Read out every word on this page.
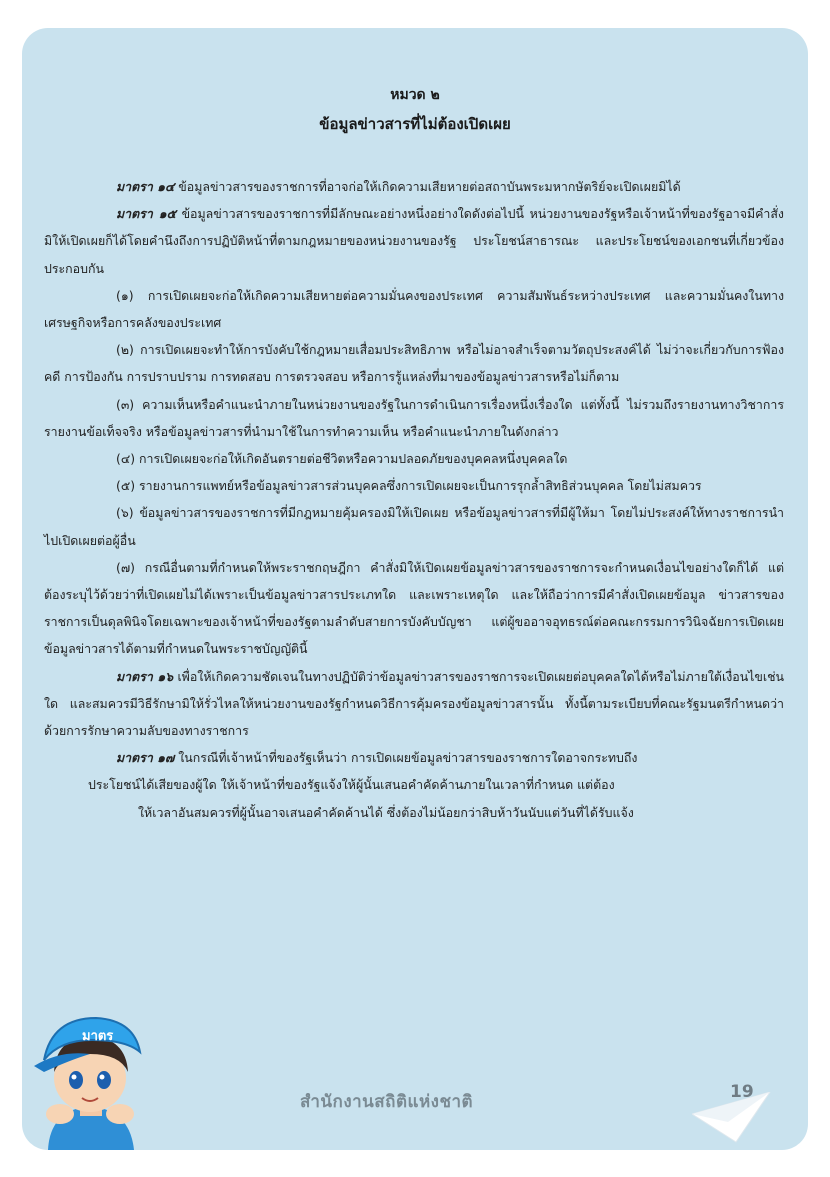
หมวด ๒
ข้อมูลข่าวสารที่ไม่ต้องเปิดเผย

มาตรา ๑๔ ข้อมูลข่าวสารของราชการที่อาจก่อให้เกิดความเสียหายต่อสถาบันพระมหากษัตริย์จะเปิดเผยมิได้

มาตรา ๑๕ ข้อมูลข่าวสารของราชการที่มีลักษณะอย่างหนึ่งอย่างใดดังต่อไปนี้ หน่วยงานของรัฐหรือเจ้าหน้าที่ของรัฐอาจมีคำสั่งมิให้เปิดเผยก็ได้โดยคำนึงถึงการปฏิบัติหน้าที่ตามกฎหมายของหน่วยงานของรัฐ ประโยชน์สาธารณะ และประโยชน์ของเอกชนที่เกี่ยวข้องประกอบกัน

(๑) การเปิดเผยจะก่อให้เกิดความเสียหายต่อความมั่นคงของประเทศ ความสัมพันธ์ระหว่างประเทศ และความมั่นคงในทางเศรษฐกิจหรือการคลังของประเทศ

(๒) การเปิดเผยจะทำให้การบังคับใช้กฎหมายเสื่อมประสิทธิภาพ หรือไม่อาจสำเร็จตามวัตถุประสงค์ได้ ไม่ว่าจะเกี่ยวกับการฟ้องคดี การป้องกัน การปราบปราม การทดสอบ การตรวจสอบ หรือการรู้แหล่งที่มาของข้อมูลข่าวสารหรือไม่ก็ตาม

(๓) ความเห็นหรือคำแนะนำภายในหน่วยงานของรัฐในการดำเนินการเรื่องหนึ่งเรื่องใด แต่ทั้งนี้ ไม่รวมถึงรายงานทางวิชาการ รายงานข้อเท็จจริง หรือข้อมูลข่าวสารที่นำมาใช้ในการทำความเห็น หรือคำแนะนำภายในดังกล่าว

(๔) การเปิดเผยจะก่อให้เกิดอันตรายต่อชีวิตหรือความปลอดภัยของบุคคลหนึ่งบุคคลใด

(๕) รายงานการแพทย์หรือข้อมูลข่าวสารส่วนบุคคลซึ่งการเปิดเผยจะเป็นการรุกล้ำสิทธิส่วนบุคคล โดยไม่สมควร

(๖) ข้อมูลข่าวสารของราชการที่มีกฎหมายคุ้มครองมิให้เปิดเผย หรือข้อมูลข่าวสารที่มีผู้ให้มา โดยไม่ประสงค์ให้ทางราชการนำไปเปิดเผยต่อผู้อื่น

(๗) กรณีอื่นตามที่กำหนดให้พระราชกฤษฎีกา คำสั่งมิให้เปิดเผยข้อมูลข่าวสารของราชการจะกำหนดเงื่อนไขอย่างใดก็ได้ แต่ต้องระบุไว้ด้วยว่าที่เปิดเผยไม่ได้เพราะเป็นข้อมูลข่าวสารประเภทใด และเพราะเหตุใด และให้ถือว่าการมีคำสั่งเปิดเผยข้อมูล ข่าวสารของราชการเป็นดุลพินิจโดยเฉพาะของเจ้าหน้าที่ของรัฐตามลำดับสายการบังคับบัญชา แต่ผู้ขออาจอุทธรณ์ต่อคณะกรรมการวินิจฉัยการเปิดเผยข้อมูลข่าวสารได้ตามที่กำหนดในพระราชบัญญัตินี้

มาตรา ๑๖ เพื่อให้เกิดความชัดเจนในทางปฏิบัติว่าข้อมูลข่าวสารของราชการจะเปิดเผยต่อบุคคลใดได้หรือไม่ภายใต้เงื่อนไขเช่นใด และสมควรมีวิธีรักษามิให้รั่วไหลให้หน่วยงานของรัฐกำหนดวิธีการคุ้มครองข้อมูลข่าวสารนั้น ทั้งนี้ตามระเบียบที่คณะรัฐมนตรีกำหนดว่าด้วยการรักษาความลับของทางราชการ

มาตรา ๑๗ ในกรณีที่เจ้าหน้าที่ของรัฐเห็นว่า การเปิดเผยข้อมูลข่าวสารของราชการใดอาจกระทบถึง

ประโยชน์ได้เสียของผู้ใด ให้เจ้าหน้าที่ของรัฐแจ้งให้ผู้นั้นเสนอคำคัดค้านภายในเวลาที่กำหนด แต่ต้อง

ให้เวลาอันสมควรที่ผู้นั้นอาจเสนอคำคัดค้านได้ ซึ่งต้องไม่น้อยกว่าสิบห้าวันนับแต่วันที่ได้รับแจ้ง

มาตร
สำนักงานสถิติแห่งชาติ	19
